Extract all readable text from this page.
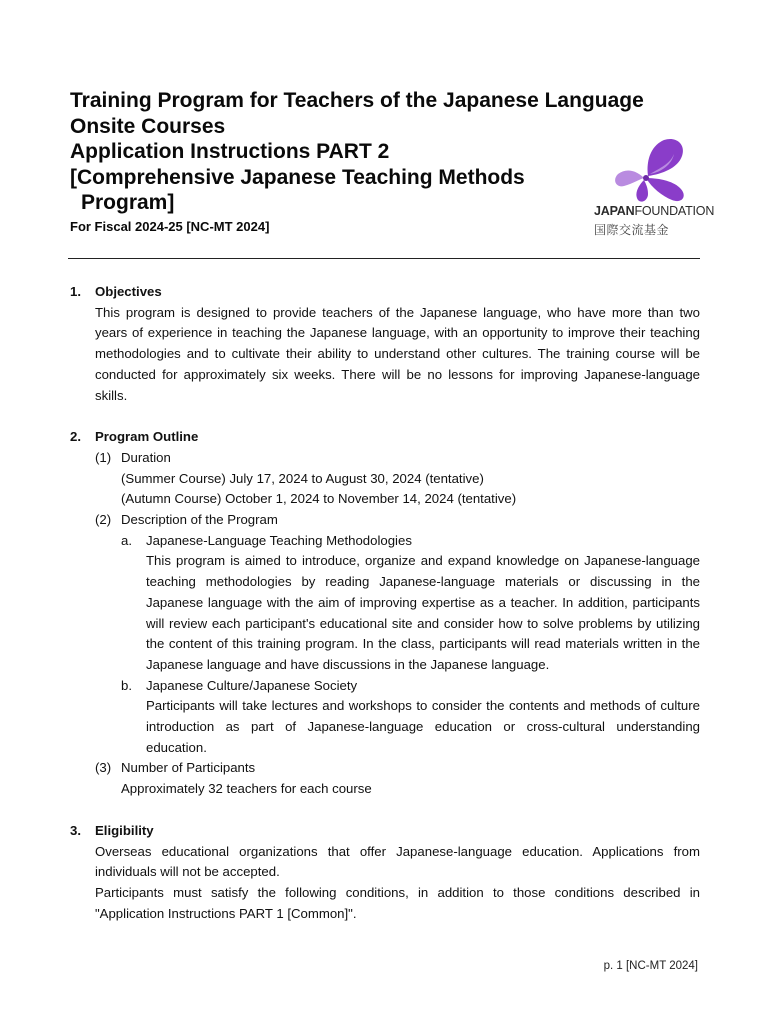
Training Program for Teachers of the Japanese Language
Onsite Courses
Application Instructions PART 2
[Comprehensive Japanese Teaching Methods
Program]
For Fiscal 2024-25 [NC-MT 2024]
JAPANFOUNDATION
国際交流基金
1.	Objectives
This program is designed to provide teachers of the Japanese language, who have more than two years of experience in teaching the Japanese language, with an opportunity to improve their teaching methodologies and to cultivate their ability to understand other cultures. The training course will be conducted for approximately six weeks. There will be no lessons for improving Japanese-language skills.
2.	Program Outline
(1) Duration
(Summer Course) July 17, 2024 to August 30, 2024 (tentative)
(Autumn Course) October 1, 2024 to November 14, 2024 (tentative)
(2) Description of the Program
a.	Japanese-Language Teaching Methodologies
This program is aimed to introduce, organize and expand knowledge on Japanese-language teaching methodologies by reading Japanese-language materials or discussing in the Japanese language with the aim of improving expertise as a teacher. In addition, participants will review each participant's educational site and consider how to solve problems by utilizing the content of this training program. In the class, participants will read materials written in the Japanese language and have discussions in the Japanese language.
b.	Japanese Culture/Japanese Society
Participants will take lectures and workshops to consider the contents and methods of culture introduction as part of Japanese-language education or cross-cultural understanding education.
(3) Number of Participants
Approximately 32 teachers for each course
3.	Eligibility
Overseas educational organizations that offer Japanese-language education. Applications from individuals will not be accepted.
Participants must satisfy the following conditions, in addition to those conditions described in "Application Instructions PART 1 [Common]".
p. 1 [NC-MT 2024]
